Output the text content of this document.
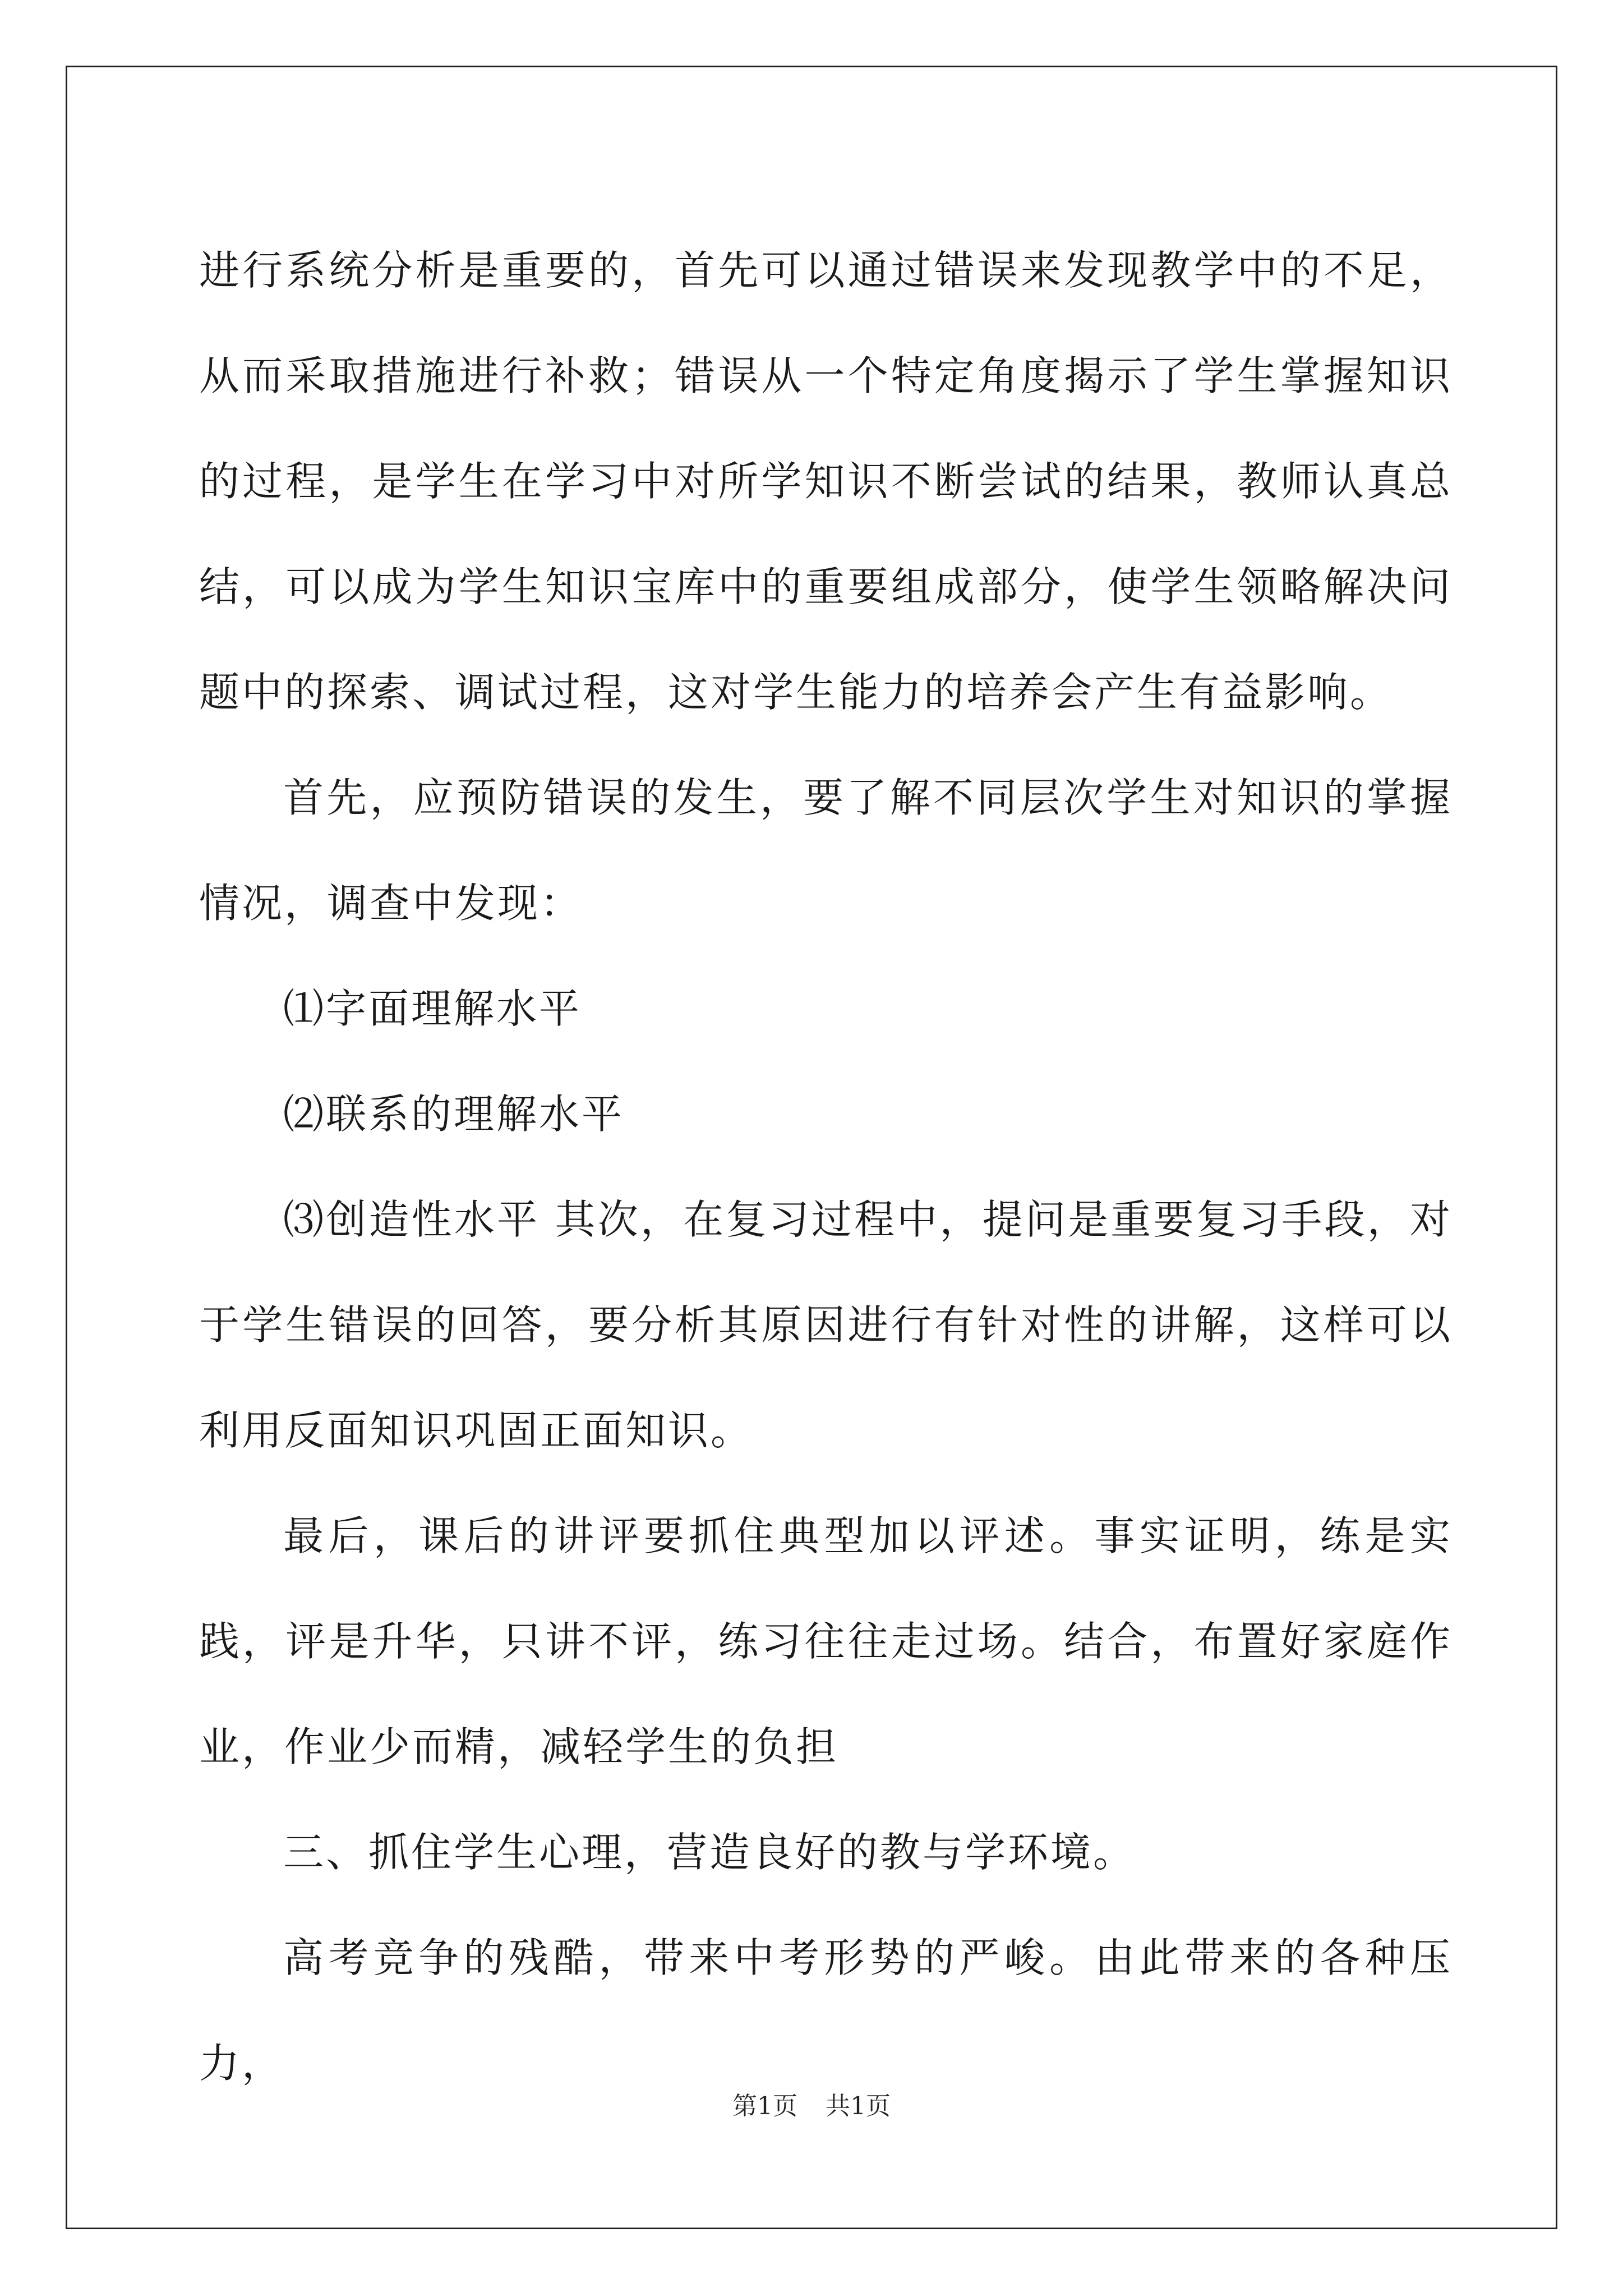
进行系统分析是重要的，首先可以通过错误来发现教学中的不足，从而采取措施进行补救；错误从一个特定角度揭示了学生掌握知识的过程，是学生在学习中对所学知识不断尝试的结果，教师认真总结，可以成为学生知识宝库中的重要组成部分，使学生领略解决问题中的探索、调试过程，这对学生能力的培养会产生有益影响。

首先，应预防错误的发生，要了解不同层次学生对知识的掌握情况，调查中发现：

⑴字面理解水平

⑵联系的理解水平

⑶创造性水平 其次，在复习过程中，提问是重要复习手段，对于学生错误的回答，要分析其原因进行有针对性的讲解，这样可以利用反面知识巩固正面知识。

最后，课后的讲评要抓住典型加以评述。事实证明，练是实践，评是升华，只讲不评，练习往往走过场。结合，布置好家庭作业，作业少而精，减轻学生的负担

三、抓住学生心理，营造良好的教与学环境。

高考竞争的残酷，带来中考形势的严峻。由此带来的各种压力，

第1页 共1页
